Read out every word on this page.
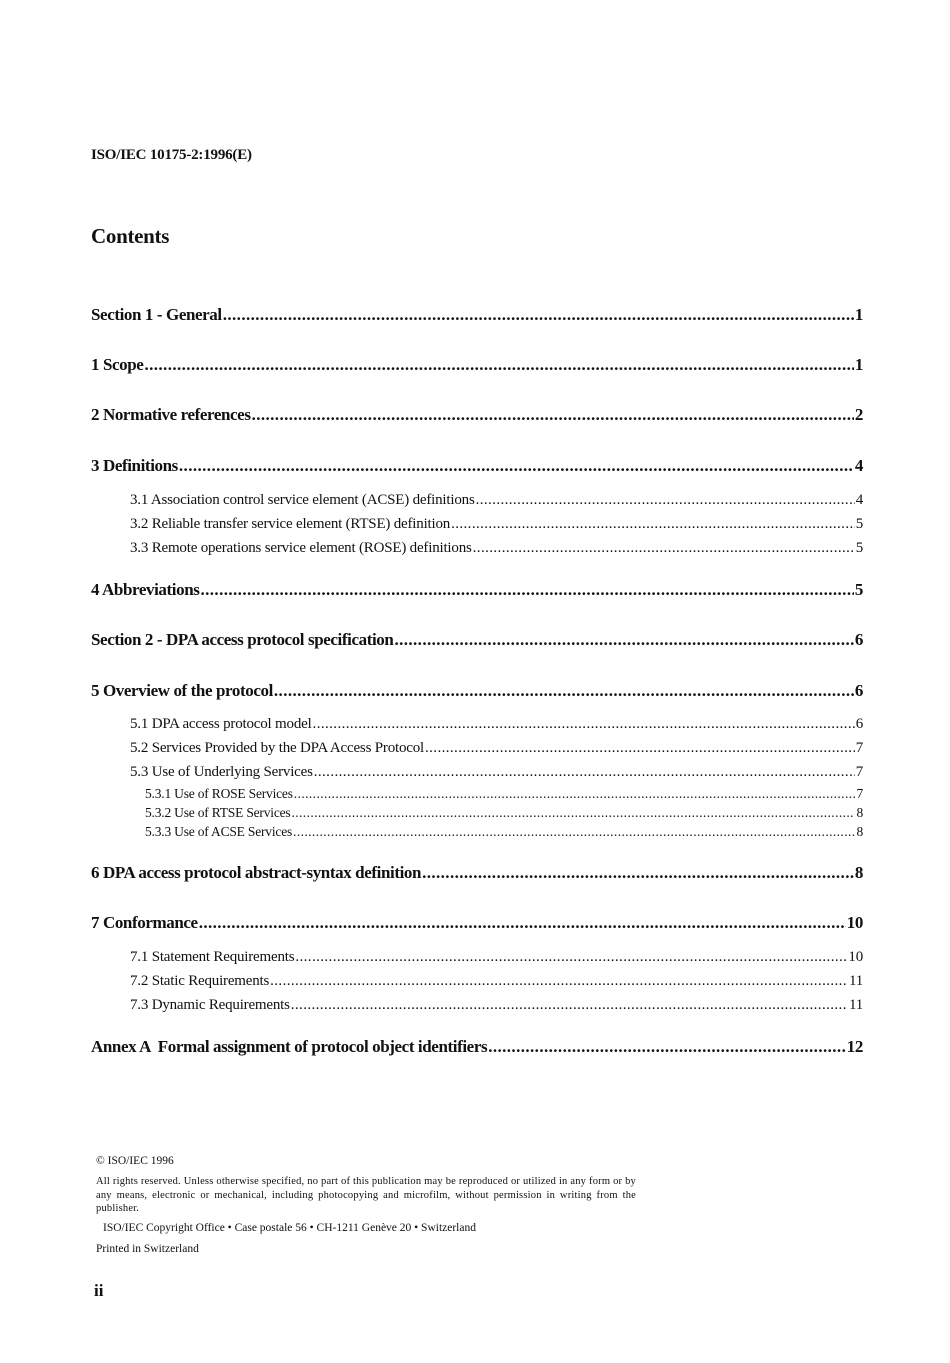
ISO/IEC 10175-2:1996(E)
Contents
Section 1 - General .....	1
1 Scope .....	1
2 Normative references .....	2
3 Definitions .....	4
3.1 Association control service element (ACSE) definitions .....	4
3.2 Reliable transfer service element (RTSE) definition .....	5
3.3 Remote operations service element (ROSE) definitions .....	5
4 Abbreviations .....	5
Section 2 - DPA access protocol specification .....	6
5 Overview of the protocol .....	6
5.1 DPA access protocol model .....	6
5.2 Services Provided by the DPA Access Protocol .....	7
5.3 Use of Underlying Services .....	7
5.3.1 Use of ROSE Services .....	7
5.3.2 Use of RTSE Services .....	8
5.3.3 Use of ACSE Services .....	8
6 DPA access protocol abstract-syntax definition .....	8
7 Conformance .....	10
7.1 Statement Requirements .....	10
7.2 Static Requirements .....	11
7.3 Dynamic Requirements .....	11
Annex A  Formal assignment of protocol object identifiers .....	12
© ISO/IEC 1996
All rights reserved. Unless otherwise specified, no part of this publication may be reproduced or utilized in any form or by any means, electronic or mechanical, including photocopying and microfilm, without permission in writing from the publisher.
ISO/IEC Copyright Office • Case postale 56 • CH-1211 Genève 20 • Switzerland
Printed in Switzerland
ii
